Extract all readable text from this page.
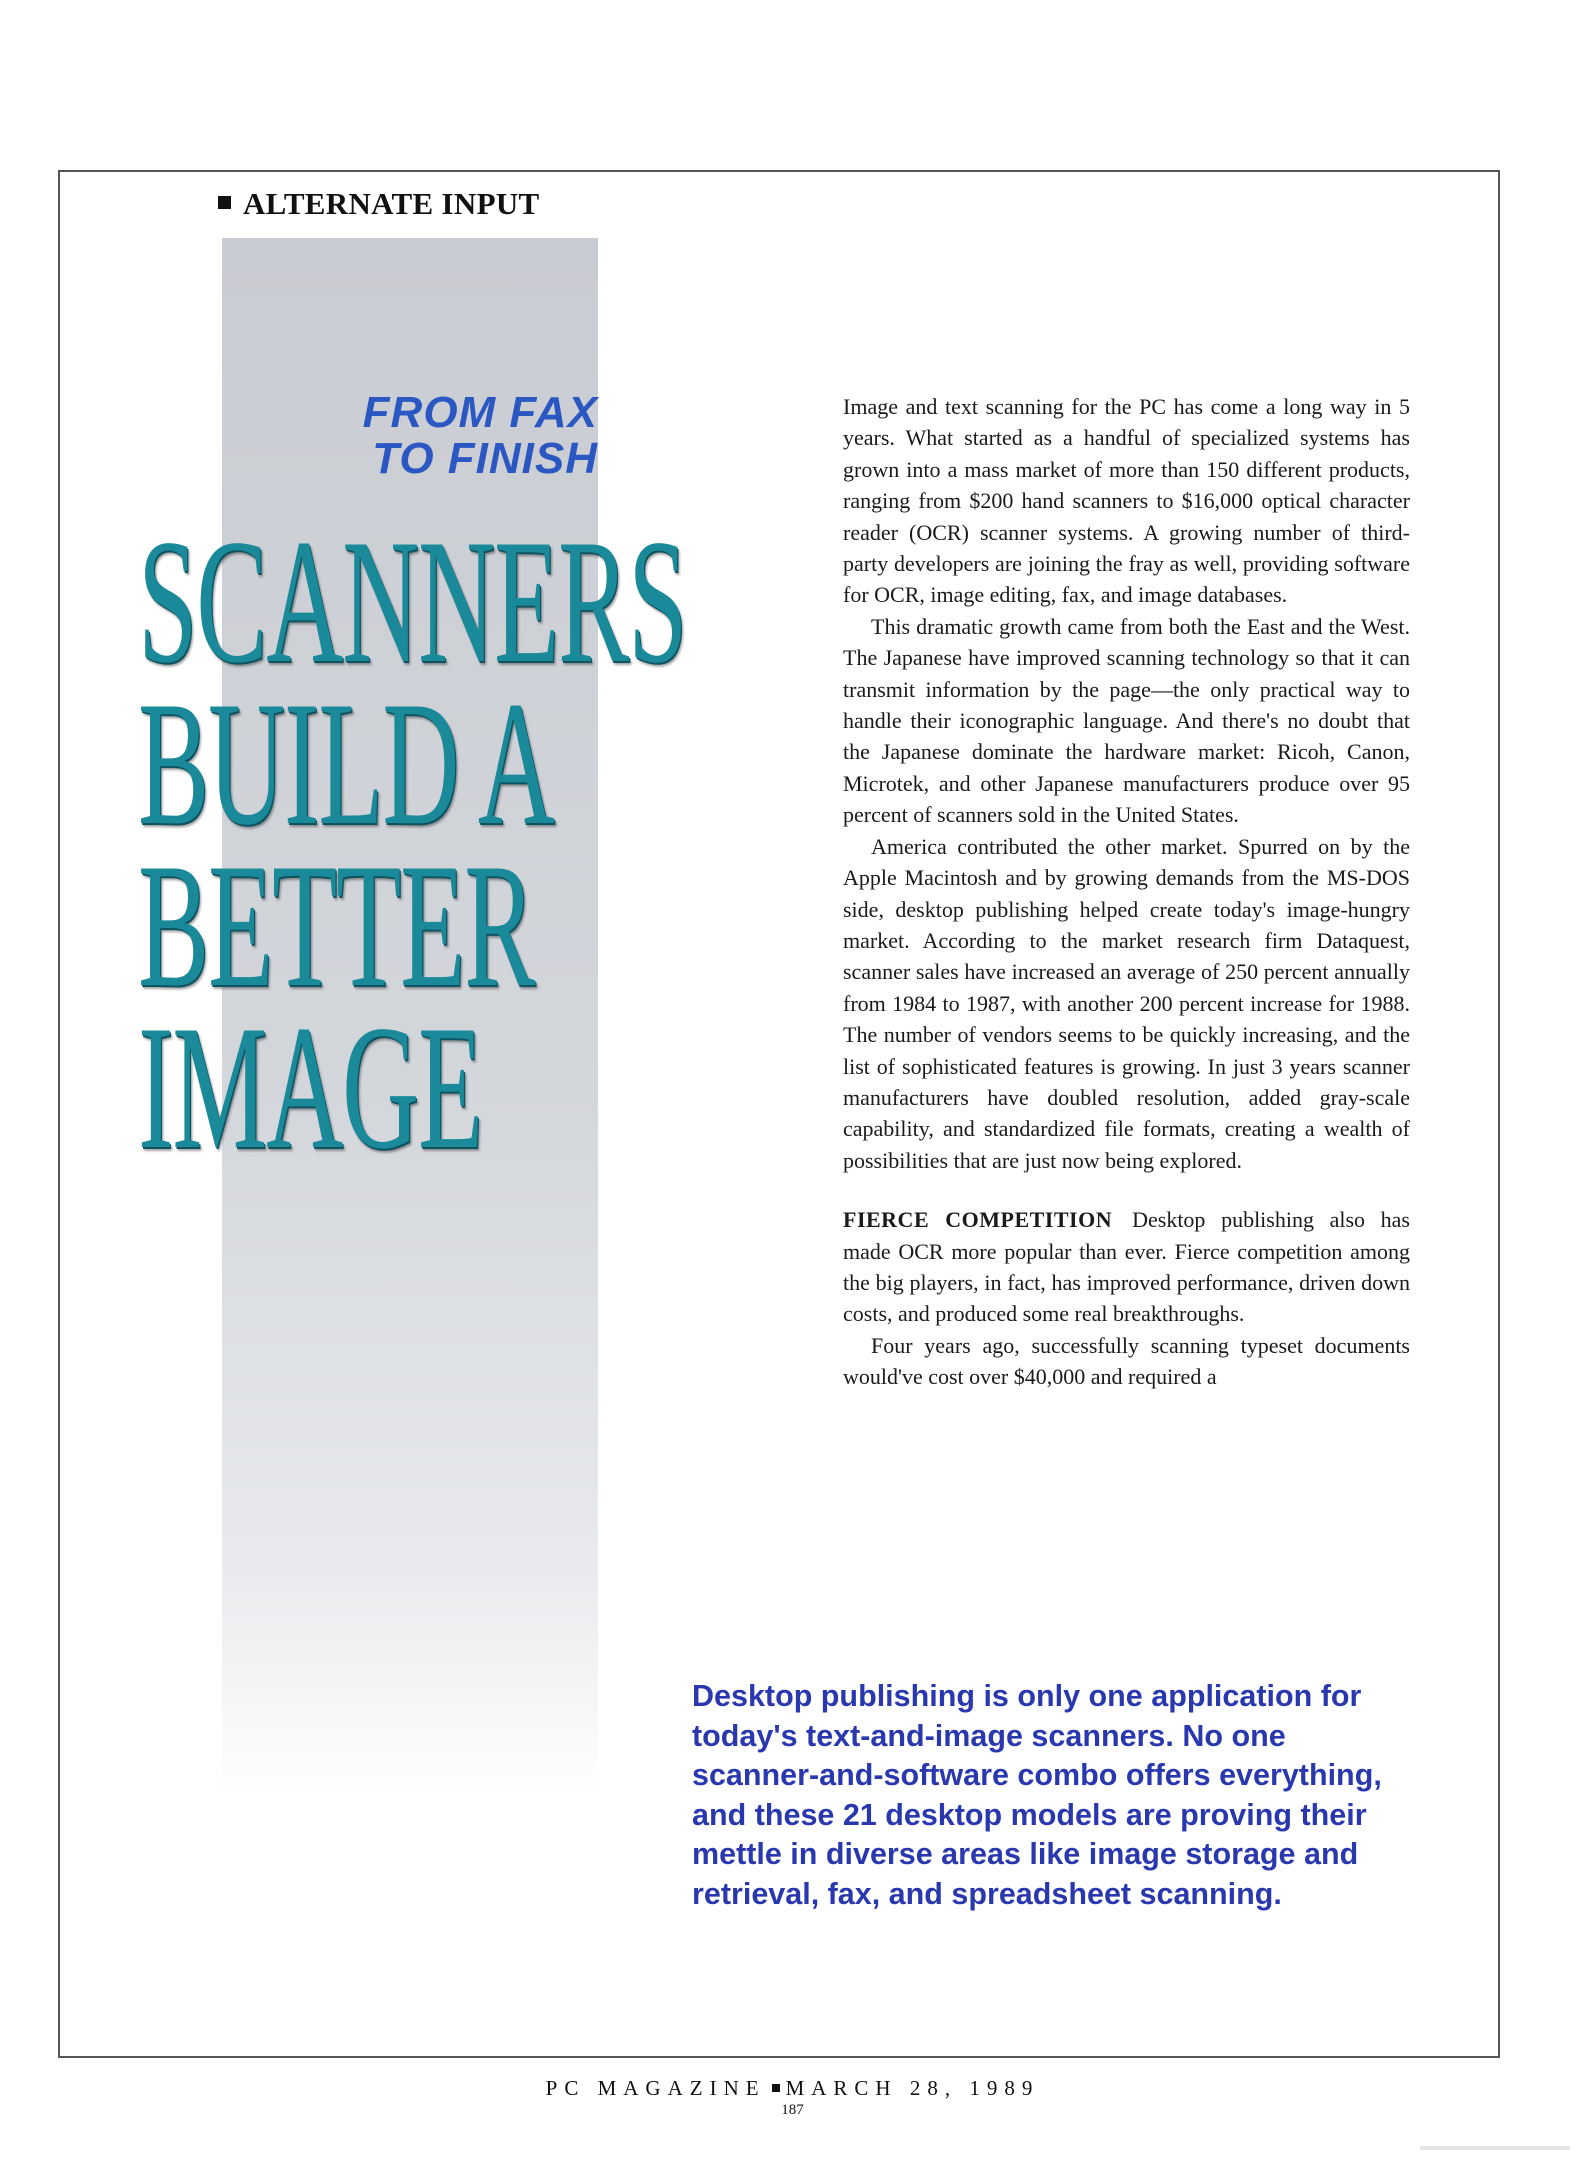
ALTERNATE INPUT
FROM FAX
TO FINISH
SCANNERS
BUILD A
BETTER
IMAGE

Image and text scanning for the PC has come a long way in 5 years. What started as a handful of specialized systems has grown into a mass market of more than 150 different products, ranging from $200 hand scanners to $16,000 optical character reader (OCR) scanner systems. A growing number of third-party developers are joining the fray as well, providing software for OCR, image editing, fax, and image databases.

This dramatic growth came from both the East and the West. The Japanese have improved scanning technology so that it can transmit information by the page—the only practical way to handle their iconographic language. And there's no doubt that the Japanese dominate the hardware market: Ricoh, Canon, Microtek, and other Japanese manufacturers produce over 95 percent of scanners sold in the United States.

America contributed the other market. Spurred on by the Apple Macintosh and by growing demands from the MS-DOS side, desktop publishing helped create today's image-hungry market. According to the market research firm Dataquest, scanner sales have increased an average of 250 percent annually from 1984 to 1987, with another 200 percent increase for 1988. The number of vendors seems to be quickly increasing, and the list of sophisticated features is growing. In just 3 years scanner manufacturers have doubled resolution, added gray-scale capability, and standardized file formats, creating a wealth of possibilities that are just now being explored.

FIERCE COMPETITION Desktop publishing also has made OCR more popular than ever. Fierce competition among the big players, in fact, has improved performance, driven down costs, and produced some real breakthroughs.

Four years ago, successfully scanning typeset documents would've cost over $40,000 and required a

Desktop publishing is only one application for today's text-and-image scanners. No one scanner-and-software combo offers everything, and these 21 desktop models are proving their mettle in diverse areas like image storage and retrieval, fax, and spreadsheet scanning.
PC MAGAZINE MARCH 28, 1989
187
